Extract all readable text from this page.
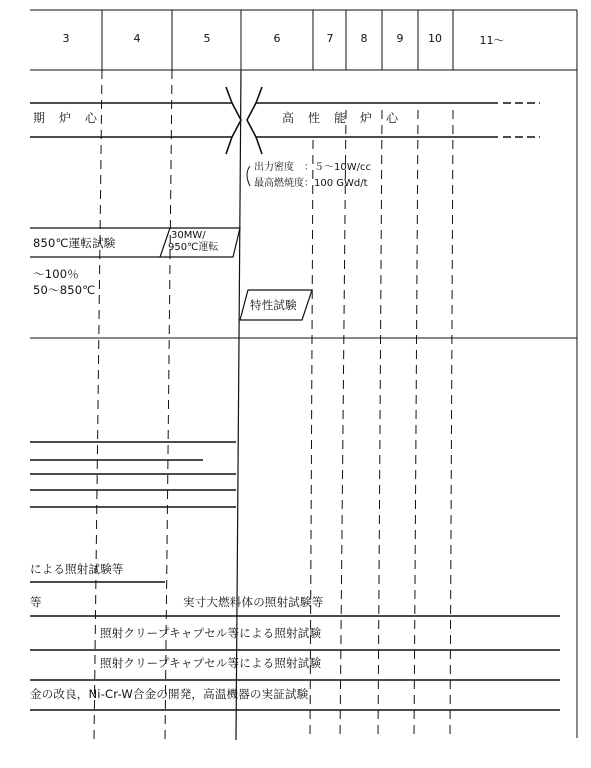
3	4	5	6	7	8	9	10	11～
期　炉　心	高　性　能　炉　心
出力密度　：５～10W/cc
最高燃焼度：100 GWd/t
850℃運転試験
30MW/
950℃運転
～100％
50～850℃
特性試験
による照射試験等
等	実寸大燃料体の照射試験等
照射クリープキャプセル等による照射試験
照射クリープキャプセル等による照射試験
金の改良，Ni-Cr-W合金の開発，高温機器の実証試験
